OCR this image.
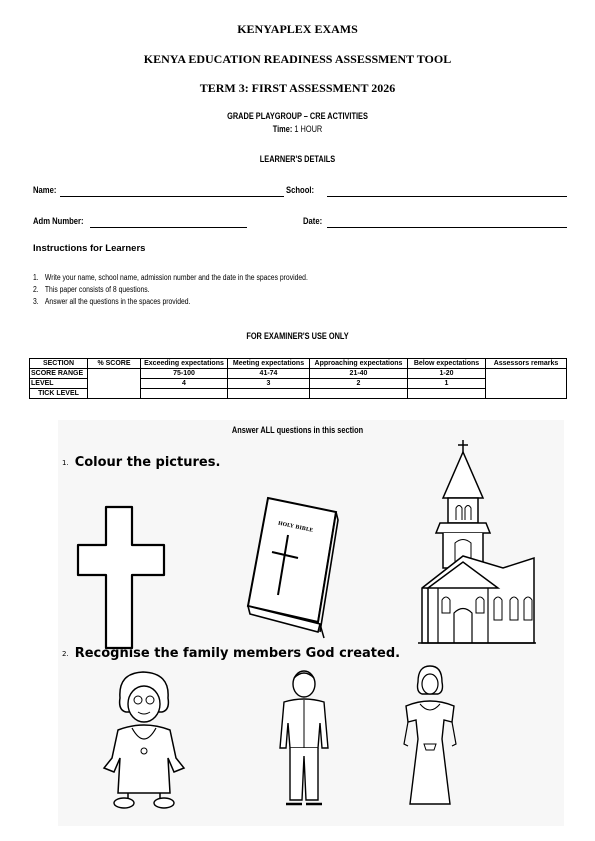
KENYAPLEX EXAMS
KENYA EDUCATION READINESS ASSESSMENT TOOL
TERM 3: FIRST ASSESSMENT 2026
GRADE PLAYGROUP – CRE ACTIVITIES
Time: 1 HOUR
LEARNER'S DETAILS
Name:	School:
Adm Number:	Date:
Instructions for Learners
1. Write your name, school name, admission number and the date in the spaces provided.
2. This paper consists of 8 questions.
3. Answer all the questions in the spaces provided.
FOR EXAMINER'S USE ONLY
SECTION	% SCORE	Exceeding expectations	Meeting expectations	Approaching expectations	Below expectations	Assessors remarks
SCORE RANGE		75-100	41-74	21-40	1-20	
LEVEL		4	3	2	1	
TICK LEVEL						
Answer ALL questions in this section
1. Colour the pictures.
HOLY BIBLE
2. Recognise the family members God created.
